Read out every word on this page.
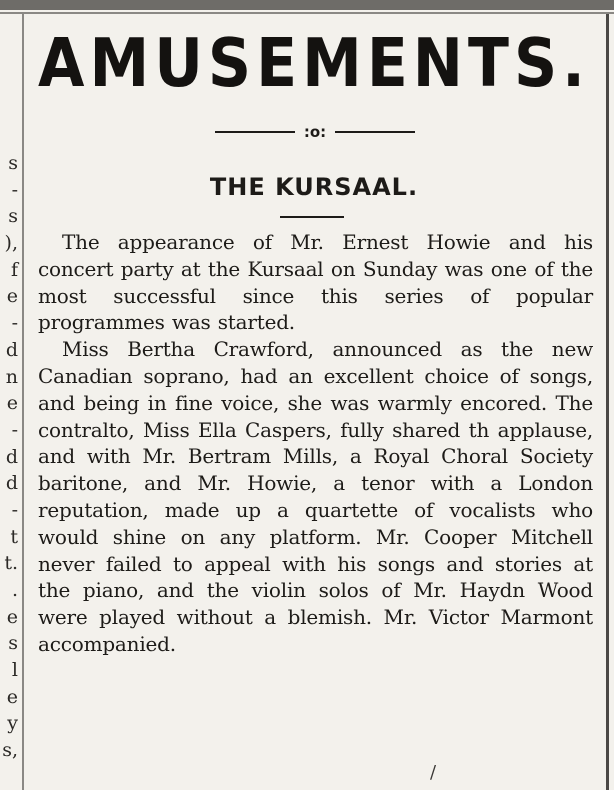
s
-
s
),
f
e
-
d
n
e
-
d
d
-
t
t.
.
e
s
l
e
y
s,
AMUSEMENTS.
:o:
THE KURSAAL.

The appearance of Mr. Ernest Howie and his concert party at the Kursaal on Sunday was one of the most successful since this series of popular programmes was started.

Miss Bertha Crawford, announced as the new Canadian soprano, had an excellent choice of songs, and being in fine voice, she was warmly encored. The contralto, Miss Ella Caspers, fully shared th applause, and with Mr. Bertram Mills, a Royal Choral Society baritone, and Mr. Howie, a tenor with a London reputation, made up a quartette of vocalists who would shine on any platform. Mr. Cooper Mitchell never failed to appeal with his songs and stories at the piano, and the violin solos of Mr. Haydn Wood were played without a blemish. Mr. Victor Marmont accompanied.

/
